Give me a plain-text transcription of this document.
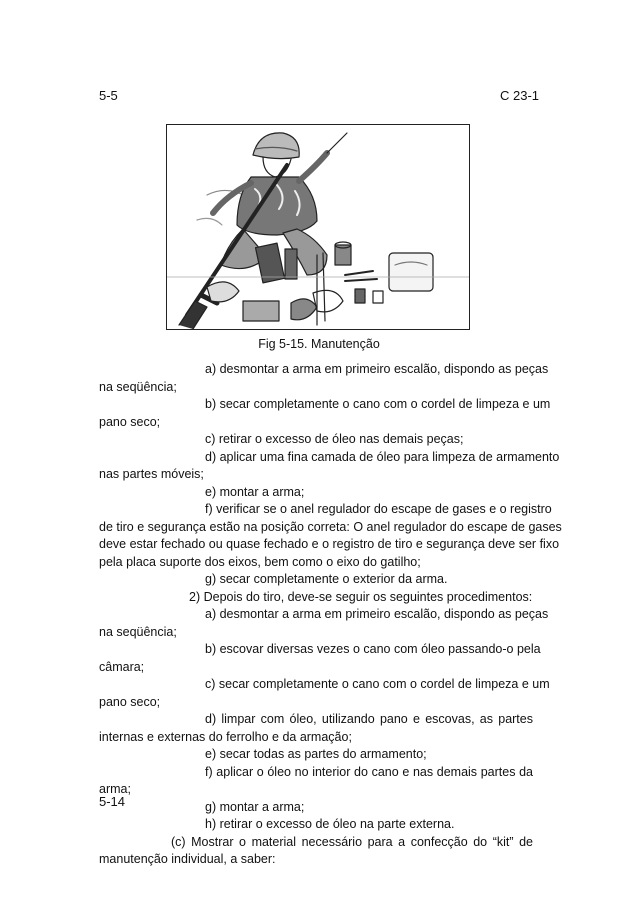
5-5	C 23-1
Fig 5-15. Manutenção
a) desmontar a arma em primeiro escalão, dispondo as peças
na seqüência;
b) secar completamente o cano com o cordel de limpeza e um
pano seco;
c) retirar o excesso de óleo nas demais peças;
d) aplicar uma fina camada de óleo para limpeza de armamento
nas partes móveis;
e) montar a arma;
f) verificar se o anel regulador do escape de gases e o registro
de tiro e segurança estão na posição correta: O anel regulador do escape de gases
deve estar fechado ou quase fechado e o registro de tiro e segurança deve ser fixo
pela placa suporte dos eixos, bem como o eixo do gatilho;
g) secar completamente o exterior da arma.
2) Depois do tiro, deve-se seguir os seguintes procedimentos:
a) desmontar a arma em primeiro escalão, dispondo as peças
na seqüência;
b) escovar diversas vezes o cano com óleo passando-o pela
câmara;
c) secar completamente o cano com o cordel de limpeza e um
pano seco;
d) limpar com óleo, utilizando pano e escovas, as partes
internas e externas do ferrolho e da armação;
e) secar todas as partes do armamento;
f) aplicar o óleo no interior do cano e nas demais partes da
arma;
g) montar a arma;
h) retirar o excesso de óleo na parte externa.
(c) Mostrar o material necessário para a confecção do “kit” de
manutenção individual, a saber:
5-14
